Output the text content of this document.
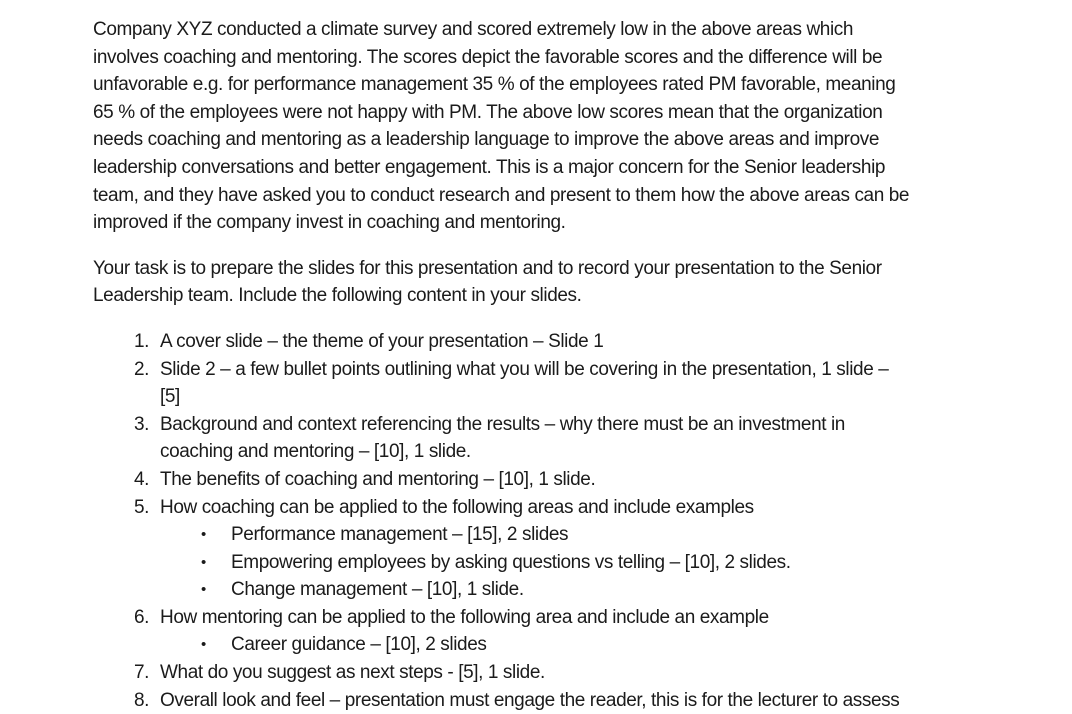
Company XYZ conducted a climate survey and scored extremely low in the above areas which
involves coaching and mentoring. The scores depict the favorable scores and the difference will be
unfavorable e.g. for performance management 35 % of the employees rated PM favorable, meaning
65 % of the employees were not happy with PM. The above low scores mean that the organization
needs coaching and mentoring as a leadership language to improve the above areas and improve
leadership conversations and better engagement. This is a major concern for the Senior leadership
team, and they have asked you to conduct research and present to them how the above areas can be
improved if the company invest in coaching and mentoring.
Your task is to prepare the slides for this presentation and to record your presentation to the Senior
Leadership team. Include the following content in your slides.
1. A cover slide – the theme of your presentation – Slide 1
2. Slide 2 – a few bullet points outlining what you will be covering in the presentation, 1 slide –
[5]
3. Background and context referencing the results – why there must be an investment in
coaching and mentoring – [10], 1 slide.
4. The benefits of coaching and mentoring – [10], 1 slide.
5. How coaching can be applied to the following areas and include examples
•	Performance management – [15], 2 slides
•	Empowering employees by asking questions vs telling – [10], 2 slides.
•	Change management – [10], 1 slide.
6. How mentoring can be applied to the following area and include an example
•	Career guidance – [10], 2 slides
7. What do you suggest as next steps - [5], 1 slide.
8. Overall look and feel – presentation must engage the reader, this is for the lecturer to assess
